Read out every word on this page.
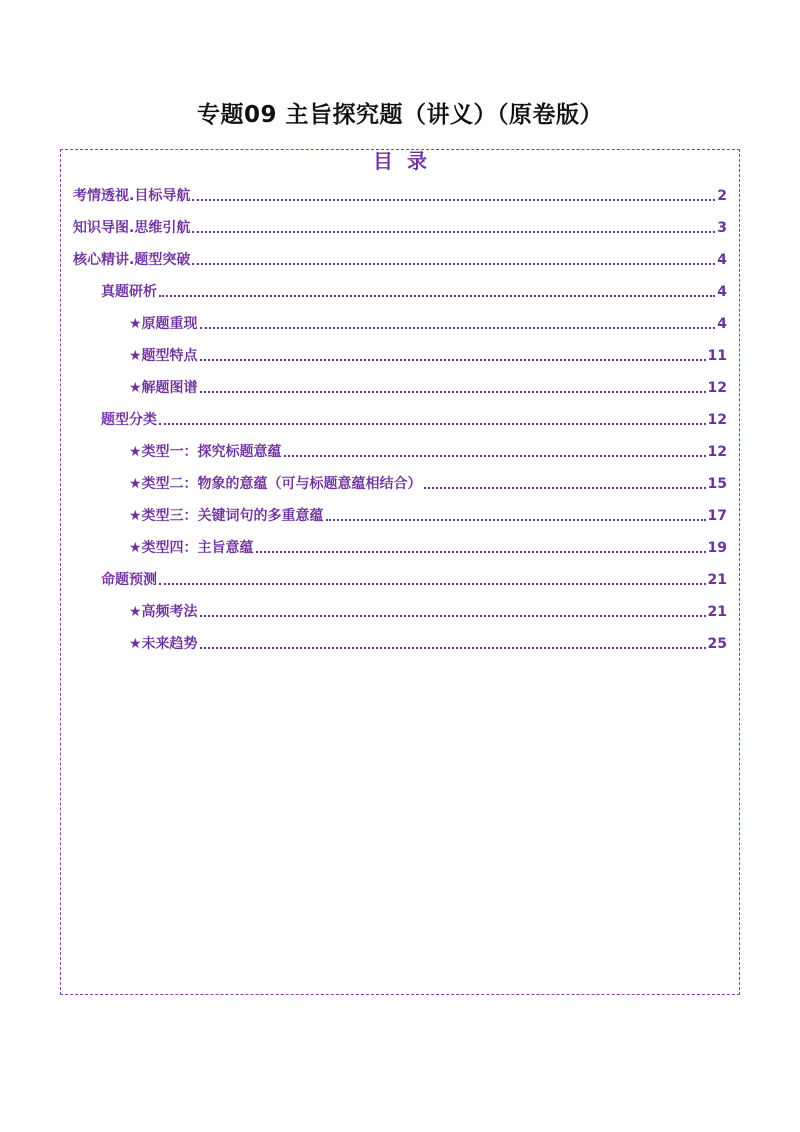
专题09 主旨探究题（讲义）（原卷版）
目录
考情透视.目标导航	2
知识导图.思维引航	3
核心精讲.题型突破	4
真题研析	4
★原题重现	4
★题型特点	11
★解题图谱	12
题型分类	12
★类型一：探究标题意蕴	12
★类型二：物象的意蕴（可与标题意蕴相结合）	15
★类型三：关键词句的多重意蕴	17
★类型四：主旨意蕴	19
命题预测	21
★高频考法	21
★未来趋势	25
